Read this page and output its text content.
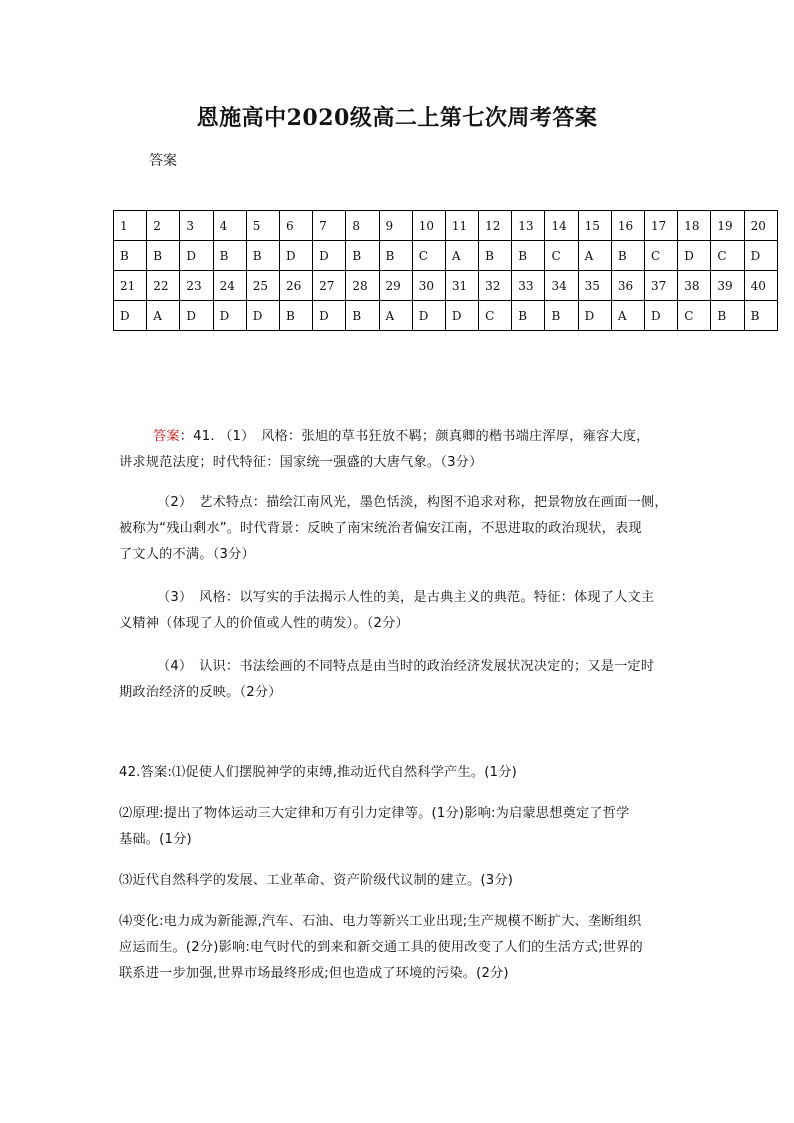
恩施高中2020级高二上第七次周考答案
答案
1	2	3	4	5	6	7	8	9	10	11	12	13	14	15	16	17	18	19	20
B	B	D	B	B	D	D	B	B	C	A	B	B	C	A	B	C	D	C	D
21	22	23	24	25	26	27	28	29	30	31	32	33	34	35	36	37	38	39	40
D	A	D	D	D	B	D	B	A	D	D	C	B	B	D	A	D	C	B	B
答案：41. （1）　风格：张旭的草书狂放不羁；颜真卿的楷书端庄浑厚，雍容大度，
讲求规范法度；时代特征：国家统一强盛的大唐气象。（3分）
（2）　艺术特点：描绘江南风光，墨色恬淡，构图不追求对称，把景物放在画面一侧，
被称为“残山剩水”。时代背景：反映了南宋统治者偏安江南，不思进取的政治现状，表现
了文人的不满。（3分）
（3）　风格：以写实的手法揭示人性的美，是古典主义的典范。特征：体现了人文主
义精神（体现了人的价值或人性的萌发）。（2分）
（4）　认识：书法绘画的不同特点是由当时的政治经济发展状况决定的；又是一定时
期政治经济的反映。（2分）
42.答案:⑴促使人们摆脱神学的束缚,推动近代自然科学产生。(1分)
⑵原理:提出了物体运动三大定律和万有引力定律等。(1分)影响:为启蒙思想奠定了哲学
基础。(1分)
⑶近代自然科学的发展、工业革命、资产阶级代议制的建立。(3分)
⑷变化:电力成为新能源,汽车、石油、电力等新兴工业出现;生产规模不断扩大、垄断组织
应运而生。(2分)影响:电气时代的到来和新交通工具的使用改变了人们的生活方式;世界的
联系进一步加强,世界市场最终形成;但也造成了环境的污染。(2分)
